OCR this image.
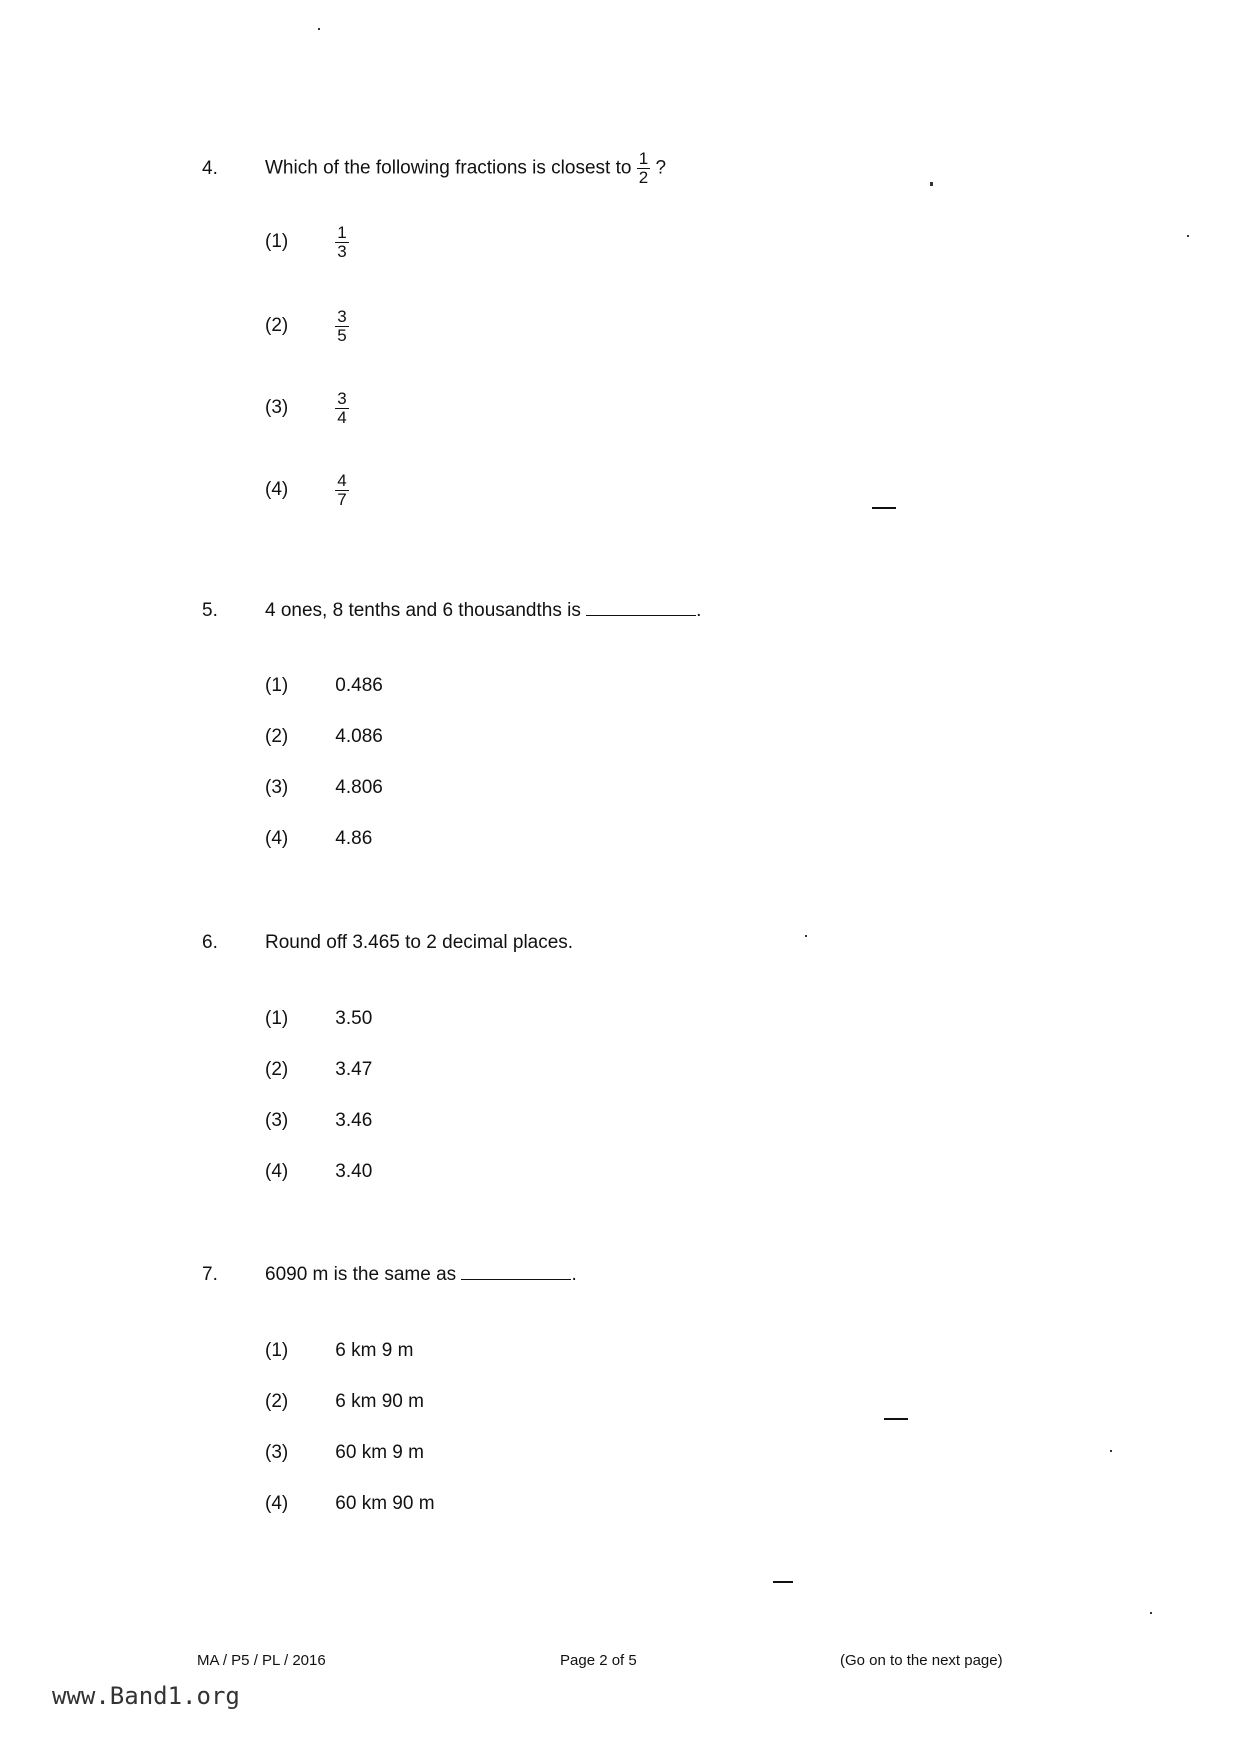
4. Which of the following fractions is closest to $\frac{1}{2}$ ?
(1)	$\frac{1}{3}$
(2)	$\frac{3}{5}$
(3)	$\frac{3}{4}$
(4)	$\frac{4}{7}$
5. 4 ones, 8 tenths and 6 thousandths is	.
(1) 0.486
(2) 4.086
(3) 4.806
(4) 4.86
6. Round off 3.465 to 2 decimal places.
(1) 3.50
(2) 3.47
(3) 3.46
(4) 3.40
7. 6090 m is the same as	.
(1) 6 km 9 m
(2) 6 km 90 m
(3) 60 km 9 m
(4) 60 km 90 m
MA / P5 / PL / 2016	Page 2 of 5	(Go on to the next page)
www.Band1.org
